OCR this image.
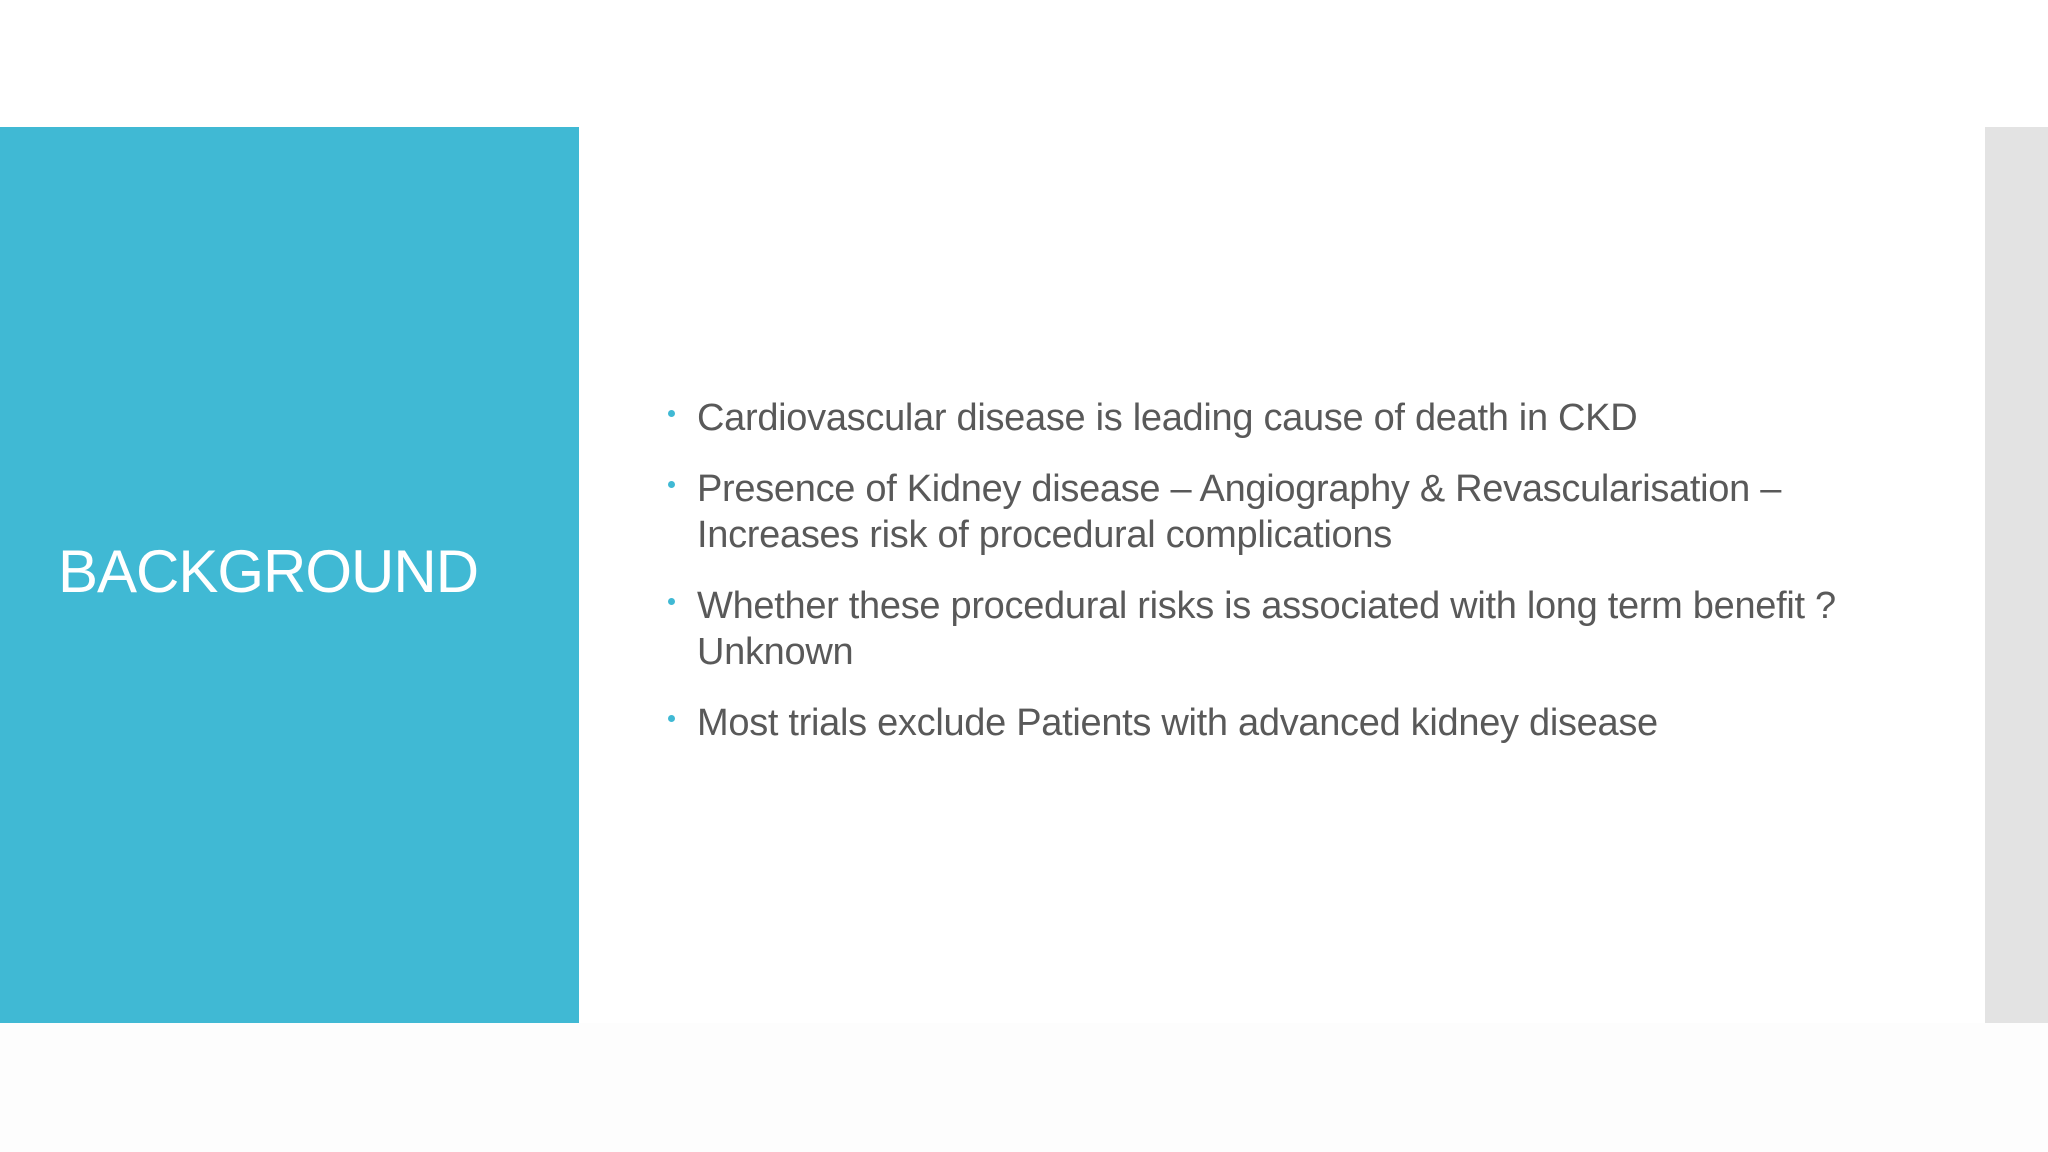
BACKGROUND
Cardiovascular disease is leading cause of death in CKD
Presence of Kidney disease – Angiography & Revascularisation – Increases risk of procedural complications
Whether these procedural risks is associated with long term benefit ? Unknown
Most trials exclude Patients with advanced kidney disease
